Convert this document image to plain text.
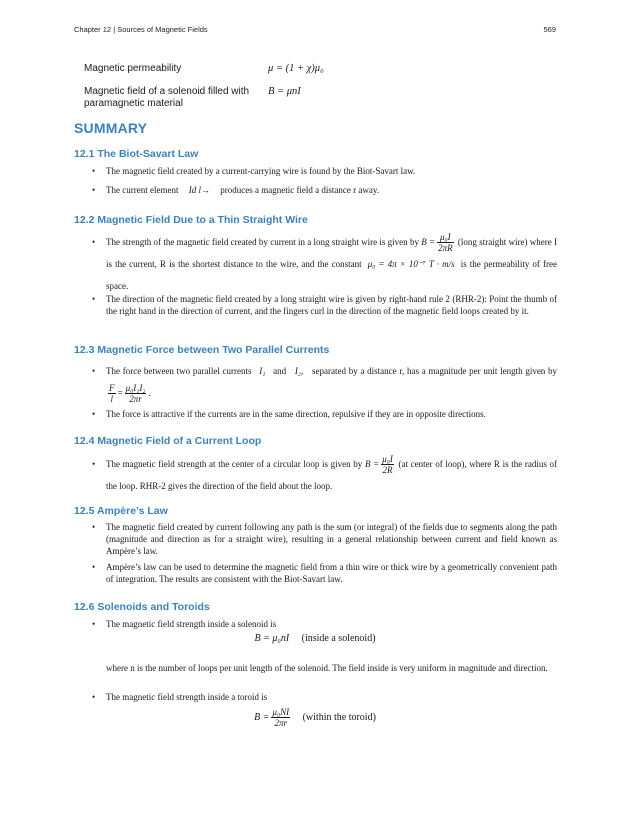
Chapter 12 | Sources of Magnetic Fields	569
Magnetic permeability	μ = (1 + χ)μ₀
Magnetic field of a solenoid filled with paramagnetic material
B = μnI
SUMMARY
12.1 The Biot-Savart Law
• The magnetic field created by a current-carrying wire is found by the Biot-Savart law.
• The current element Id l→ produces a magnetic field a distance r away.
12.2 Magnetic Field Due to a Thin Straight Wire
• The strength of the magnetic field created by current in a long straight wire is given by $B = \frac{\text{μ₀I}}{2\pi R}$ (long straight wire) where I is the current, R is the shortest distance to the wire, and the constant μ₀ = 4π × 10⁻⁷ T · m/s is the permeability of free space.
• The direction of the magnetic field created by a long straight wire is given by right-hand rule 2 (RHR-2): Point the thumb of the right hand in the direction of current, and the fingers curl in the direction of the magnetic field loops created by it.
12.3 Magnetic Force between Two Parallel Currents
• The force between two parallel currents I₁ and I₂, separated by a distance r, has a magnitude per unit length given by
$\frac{F}{l} = \frac{\text{μ₀I₁I₂}}{2\pi r}$ .
• The force is attractive if the currents are in the same direction, repulsive if they are in opposite directions.
12.4 Magnetic Field of a Current Loop
• The magnetic field strength at the center of a circular loop is given by $B = \frac{\text{μ₀I}}{2R} (at$ center of loop), where R is the radius of the loop. RHR-2 gives the direction of the field about the loop.
12.5 Ampère’s Law
• The magnetic field created by current following any path is the sum (or integral) of the fields due to segments along the path (magnitude and direction as for a straight wire), resulting in a general relationship between current and field known as Ampère’s law.
• Ampère’s law can be used to determine the magnetic field from a thin wire or thick wire by a geometrically convenient path of integration. The results are consistent with the Biot-Savart law.
12.6 Solenoids and Toroids
• The magnetic field strength inside a solenoid is
B = μ₀nI (inside a solenoid)
where n is the number of loops per unit length of the solenoid. The field inside is very uniform in magnitude and direction.
• The magnetic field strength inside a toroid is
$B = \frac{\text{μ₀NI}}{2\pi r}$ (within the toroid)
